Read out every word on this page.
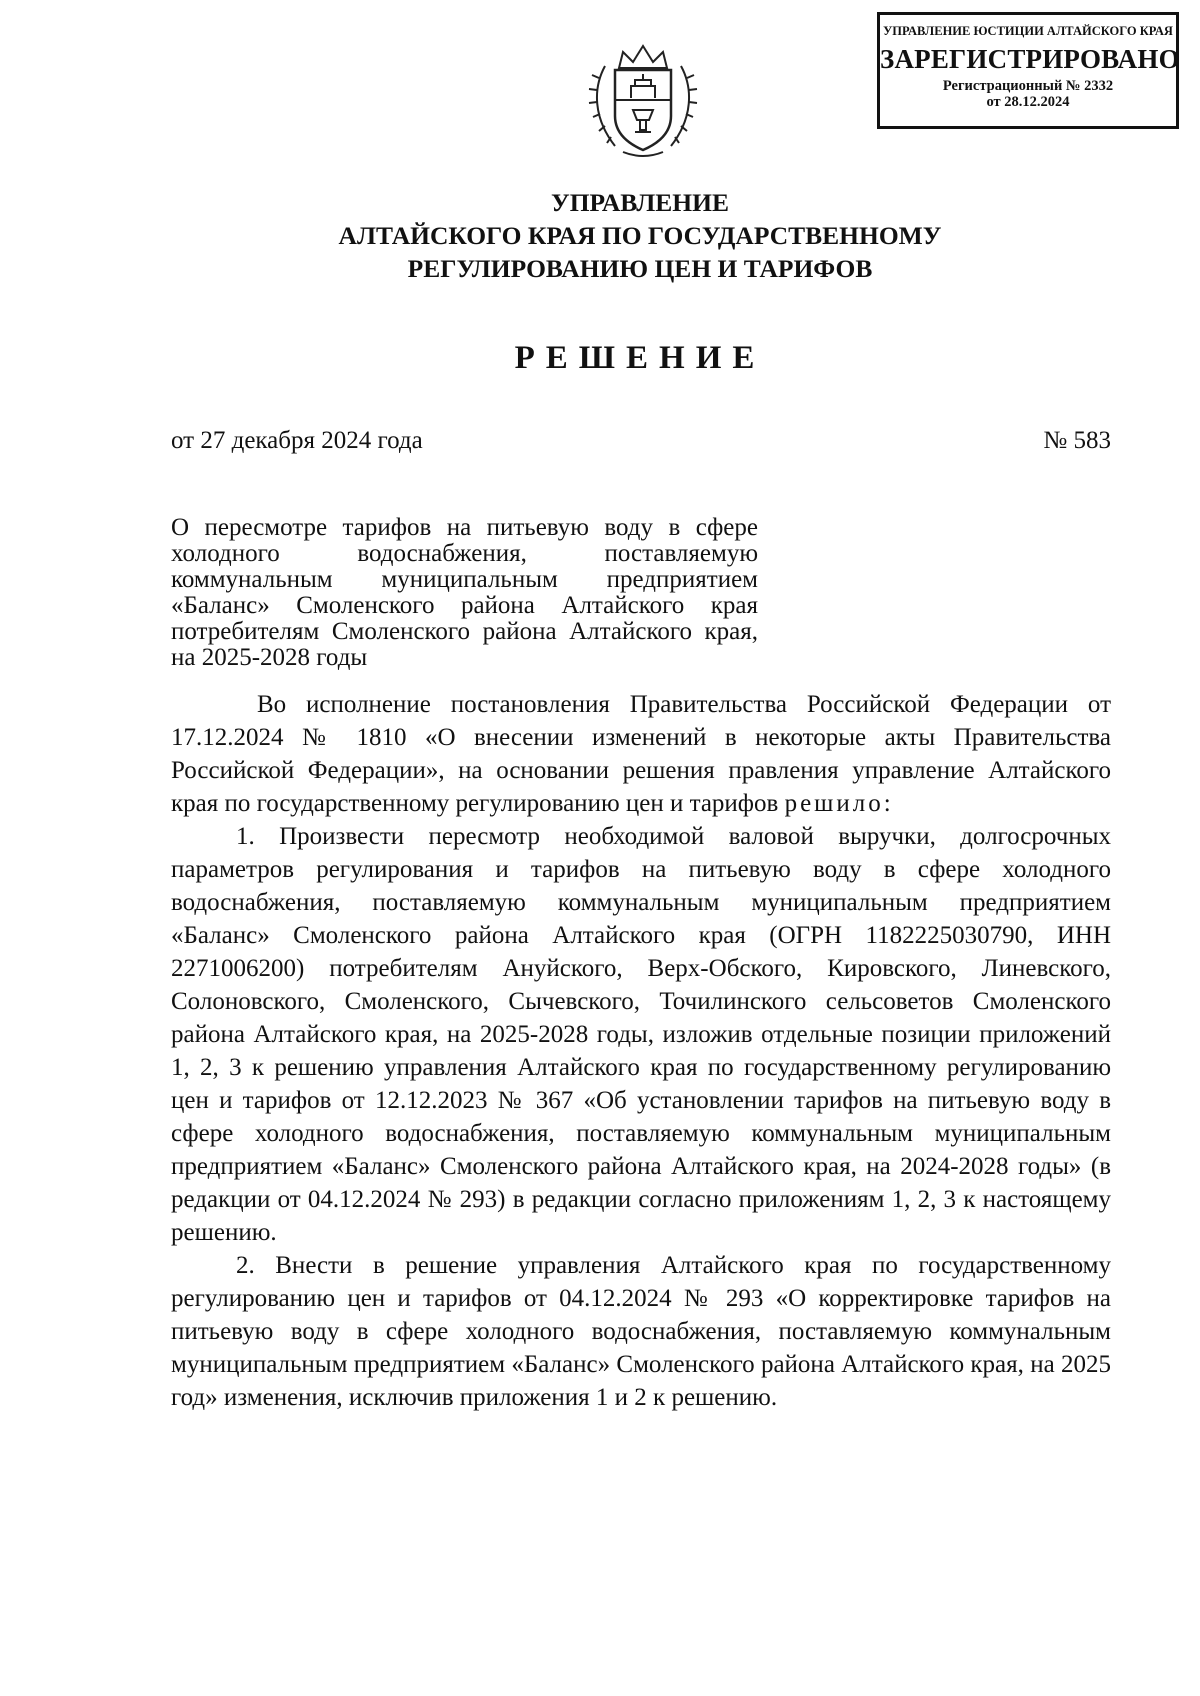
УПРАВЛЕНИЕ ЮСТИЦИИ АЛТАЙСКОГО КРАЯ
ЗАРЕГИСТРИРОВАНО
Регистрационный № 2332
от 28.12.2024
УПРАВЛЕНИЕ
АЛТАЙСКОГО КРАЯ ПО ГОСУДАРСТВЕННОМУ
РЕГУЛИРОВАНИЮ ЦЕН И ТАРИФОВ
РЕШЕНИЕ
от 27 декабря 2024 года	№ 583
О пересмотре тарифов на питьевую воду в сфере холодного водоснабжения, поставляемую коммунальным муниципальным предприятием «Баланс» Смоленского района Алтайского края потребителям Смоленского района Алтайского края, на 2025-2028 годы

Во исполнение постановления Правительства Российской Федерации от 17.12.2024 № 1810 «О внесении изменений в некоторые акты Правительства Российской Федерации», на основании решения правления управление Алтайского края по государственному регулированию цен и тарифов решило:

1. Произвести пересмотр необходимой валовой выручки, долгосрочных параметров регулирования и тарифов на питьевую воду в сфере холодного водоснабжения, поставляемую коммунальным муниципальным предприятием «Баланс» Смоленского района Алтайского края (ОГРН 1182225030790, ИНН 2271006200) потребителям Ануйского, Верх-Обского, Кировского, Линевского, Солоновского, Смоленского, Сычевского, Точилинского сельсоветов Смоленского района Алтайского края, на 2025-2028 годы, изложив отдельные позиции приложений 1, 2, 3 к решению управления Алтайского края по государственному регулированию цен и тарифов от 12.12.2023 № 367 «Об установлении тарифов на питьевую воду в сфере холодного водоснабжения, поставляемую коммунальным муниципальным предприятием «Баланс» Смоленского района Алтайского края, на 2024-2028 годы» (в редакции от 04.12.2024 № 293) в редакции согласно приложениям 1, 2, 3 к настоящему решению.

2. Внести в решение управления Алтайского края по государственному регулированию цен и тарифов от 04.12.2024 № 293 «О корректировке тарифов на питьевую воду в сфере холодного водоснабжения, поставляемую коммунальным муниципальным предприятием «Баланс» Смоленского района Алтайского края, на 2025 год» изменения, исключив приложения 1 и 2 к решению.
